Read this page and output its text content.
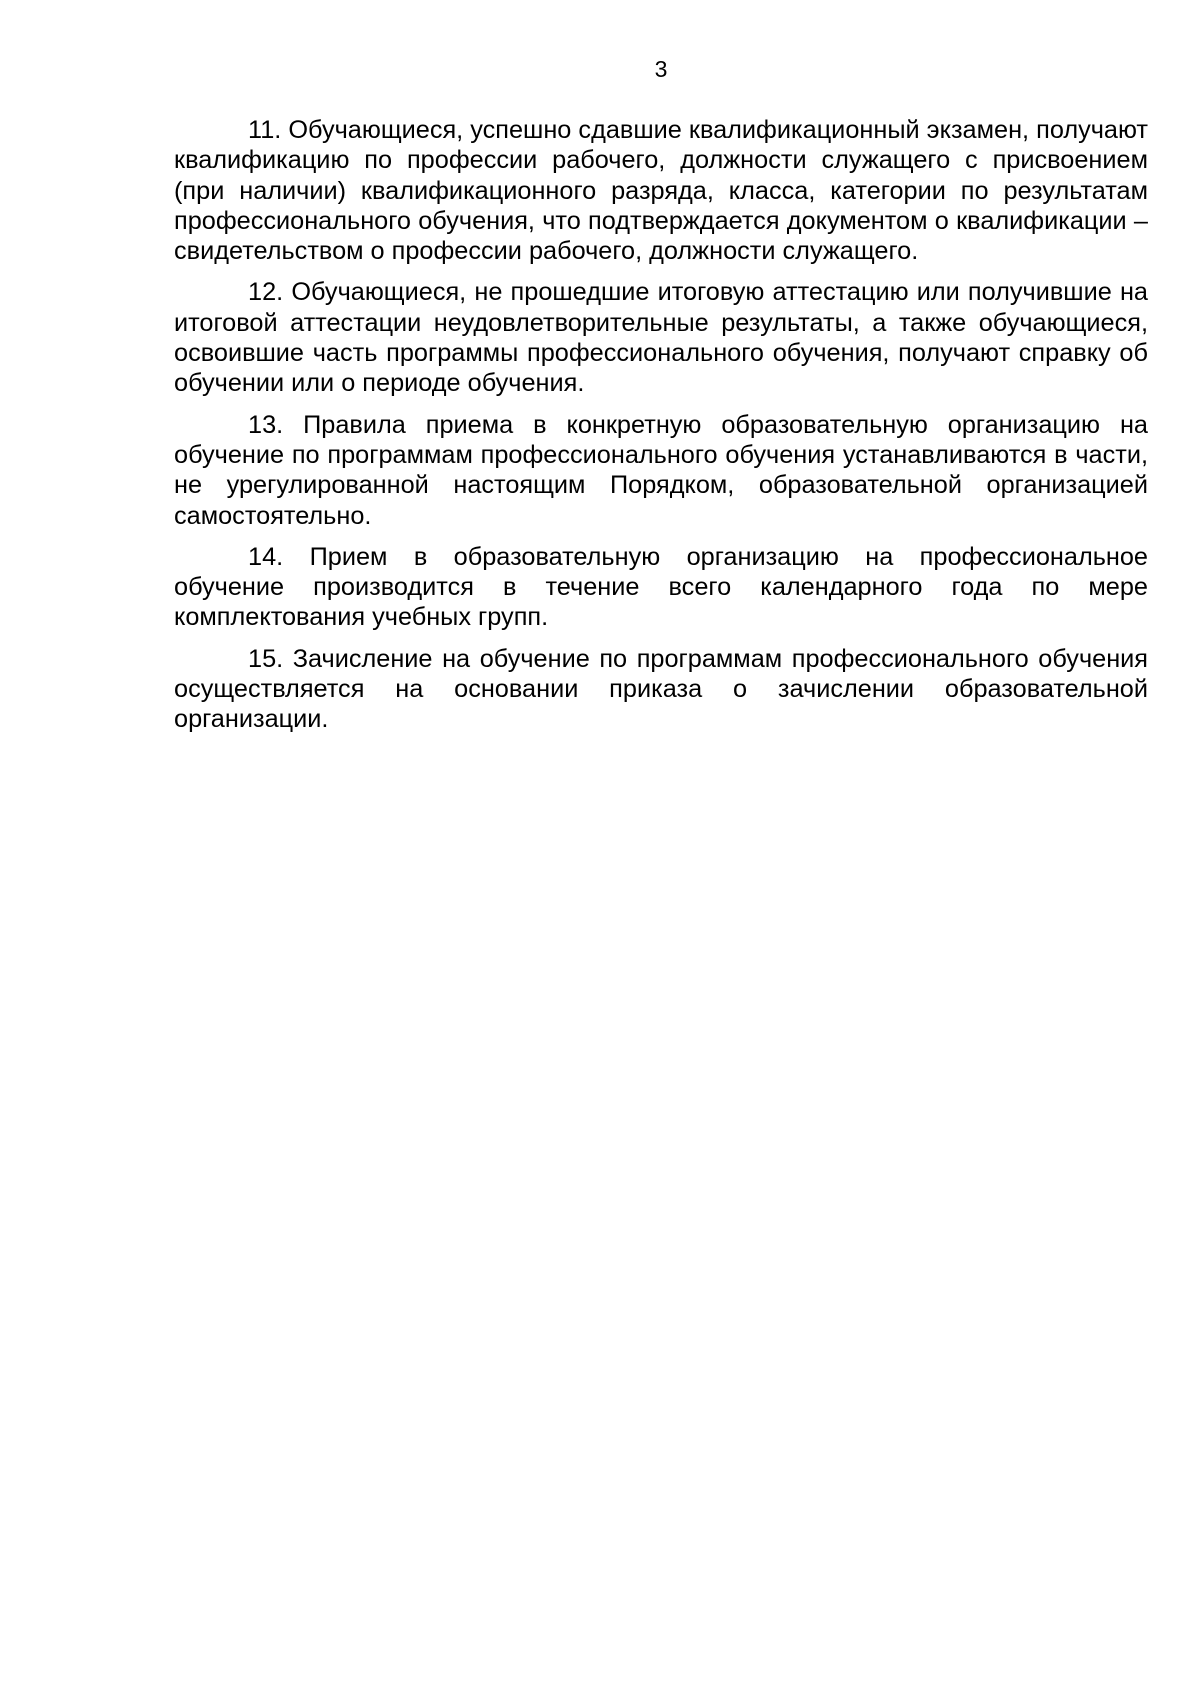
3

11. Обучающиеся, успешно сдавшие квалификационный экзамен, получают квалификацию по профессии рабочего, должности служащего с присвоением (при наличии) квалификационного разряда, класса, категории по результатам профессионального обучения, что подтверждается документом о квалификации – свидетельством о профессии рабочего, должности служащего.

12. Обучающиеся, не прошедшие итоговую аттестацию или получившие на итоговой аттестации неудовлетворительные результаты, а также обучающиеся, освоившие часть программы профессионального обучения, получают справку об обучении или о периоде обучения.

13. Правила приема в конкретную образовательную организацию на обучение по программам профессионального обучения устанавливаются в части, не урегулированной настоящим Порядком, образовательной организацией самостоятельно.

14. Прием в образовательную организацию на профессиональное обучение производится в течение всего календарного года по мере комплектования учебных групп.

15. Зачисление на обучение по программам профессионального обучения осуществляется на основании приказа о зачислении образовательной организации.
